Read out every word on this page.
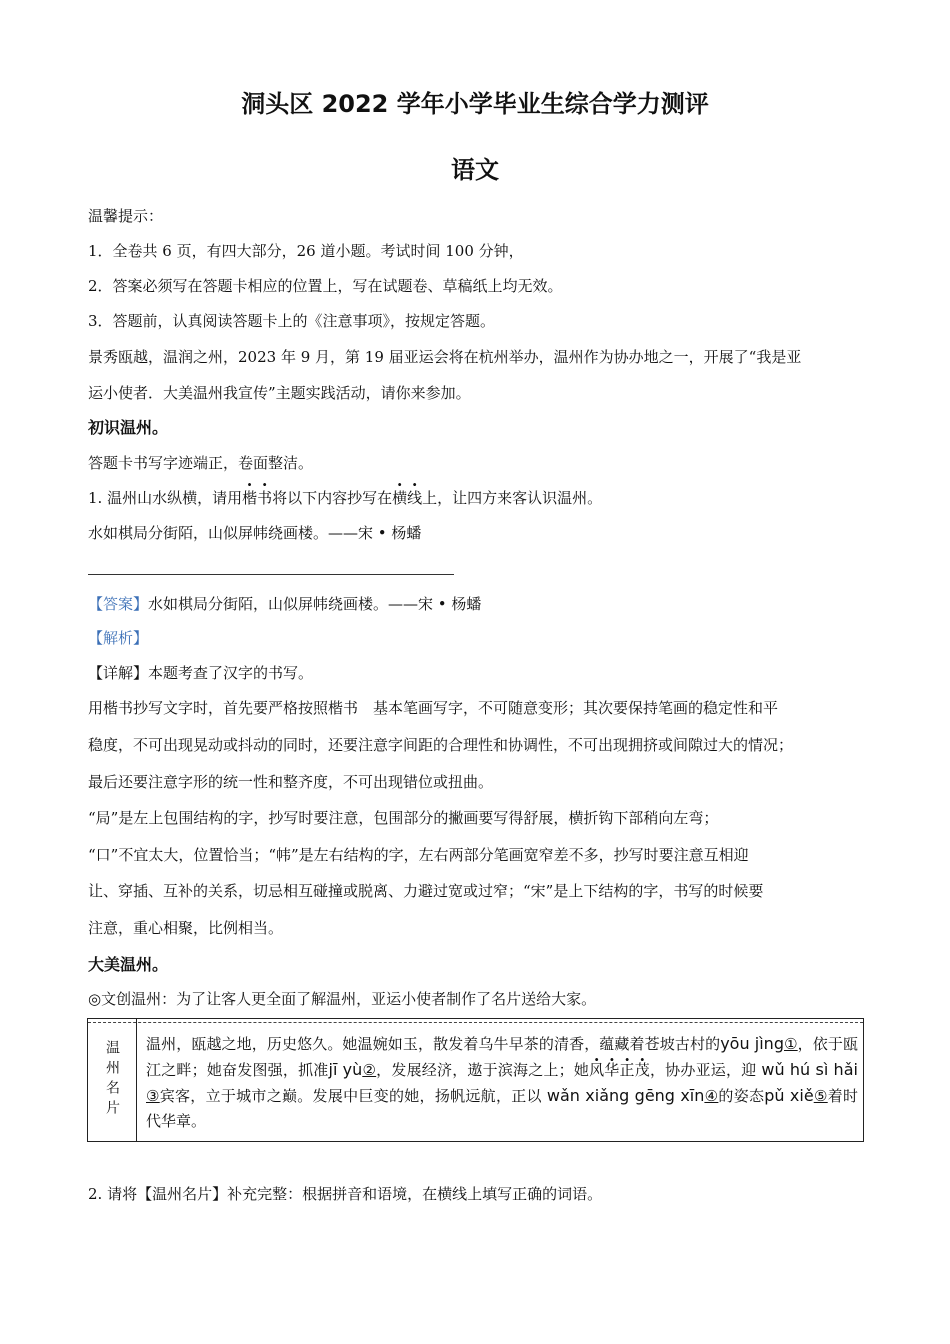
洞头区 2022 学年小学毕业生综合学力测评
语文
温馨提示：
1．全卷共 6 页，有四大部分，26 道小题。考试时间 100 分钟，
2．答案必须写在答题卡相应的位置上，写在试题卷、草稿纸上均无效。
3．答题前，认真阅读答题卡上的《注意事项》，按规定答题。
景秀瓯越，温润之州，2023 年 9 月，第 19 届亚运会将在杭州举办，温州作为协办地之一，开展了“我是亚
运小使者．大美温州我宣传”主题实践活动，请你来参加。
初识温州。
答题卡书写字迹端正，卷面整洁。
1. 温州山水纵横，请用楷书将以下内容抄写在横线上，让四方来客认识温州。
水如棋局分街陌，山似屏帏绕画楼。——宋 • 杨蟠
【答案】水如棋局分街陌，山似屏帏绕画楼。——宋 • 杨蟠
【解析】
【详解】本题考查了汉字的书写。
用楷书抄写文字时，首先要严格按照楷书　基本笔画写字，不可随意变形；其次要保持笔画的稳定性和平
稳度，不可出现晃动或抖动的同时，还要注意字间距的合理性和协调性，不可出现拥挤或间隙过大的情况；
最后还要注意字形的统一性和整齐度，不可出现错位或扭曲。
“局”是左上包围结构的字，抄写时要注意，包围部分的撇画要写得舒展，横折钩下部稍向左弯；
“口”不宜太大，位置恰当；“帏”是左右结构的字，左右两部分笔画宽窄差不多，抄写时要注意互相迎
让、穿插、互补的关系，切忌相互碰撞或脱离、力避过宽或过窄；“宋”是上下结构的字，书写的时候要
注意，重心相聚，比例相当。
大美温州。
◎文创温州：为了让客人更全面了解温州，亚运小使者制作了名片送给大家。
温州名片 温州，瓯越之地，历史悠久。她温婉如玉，散发着乌牛早茶的清香，蕴藏着苍坡古村的yōu jìng①，依于瓯江之畔；她奋发图强，抓准jī yù②，发展经济，遨于滨海之上；她风华正茂，协办亚运，迎 wǔ hú sì hǎi ③宾客，立于城市之巅。发展中巨变的她，扬帆远航，正以 wǎn xiǎng gēng xīn④的姿态pǔ xiě⑤着时代华章。
2. 请将【温州名片】补充完整：根据拼音和语境，在横线上填写正确的词语。
